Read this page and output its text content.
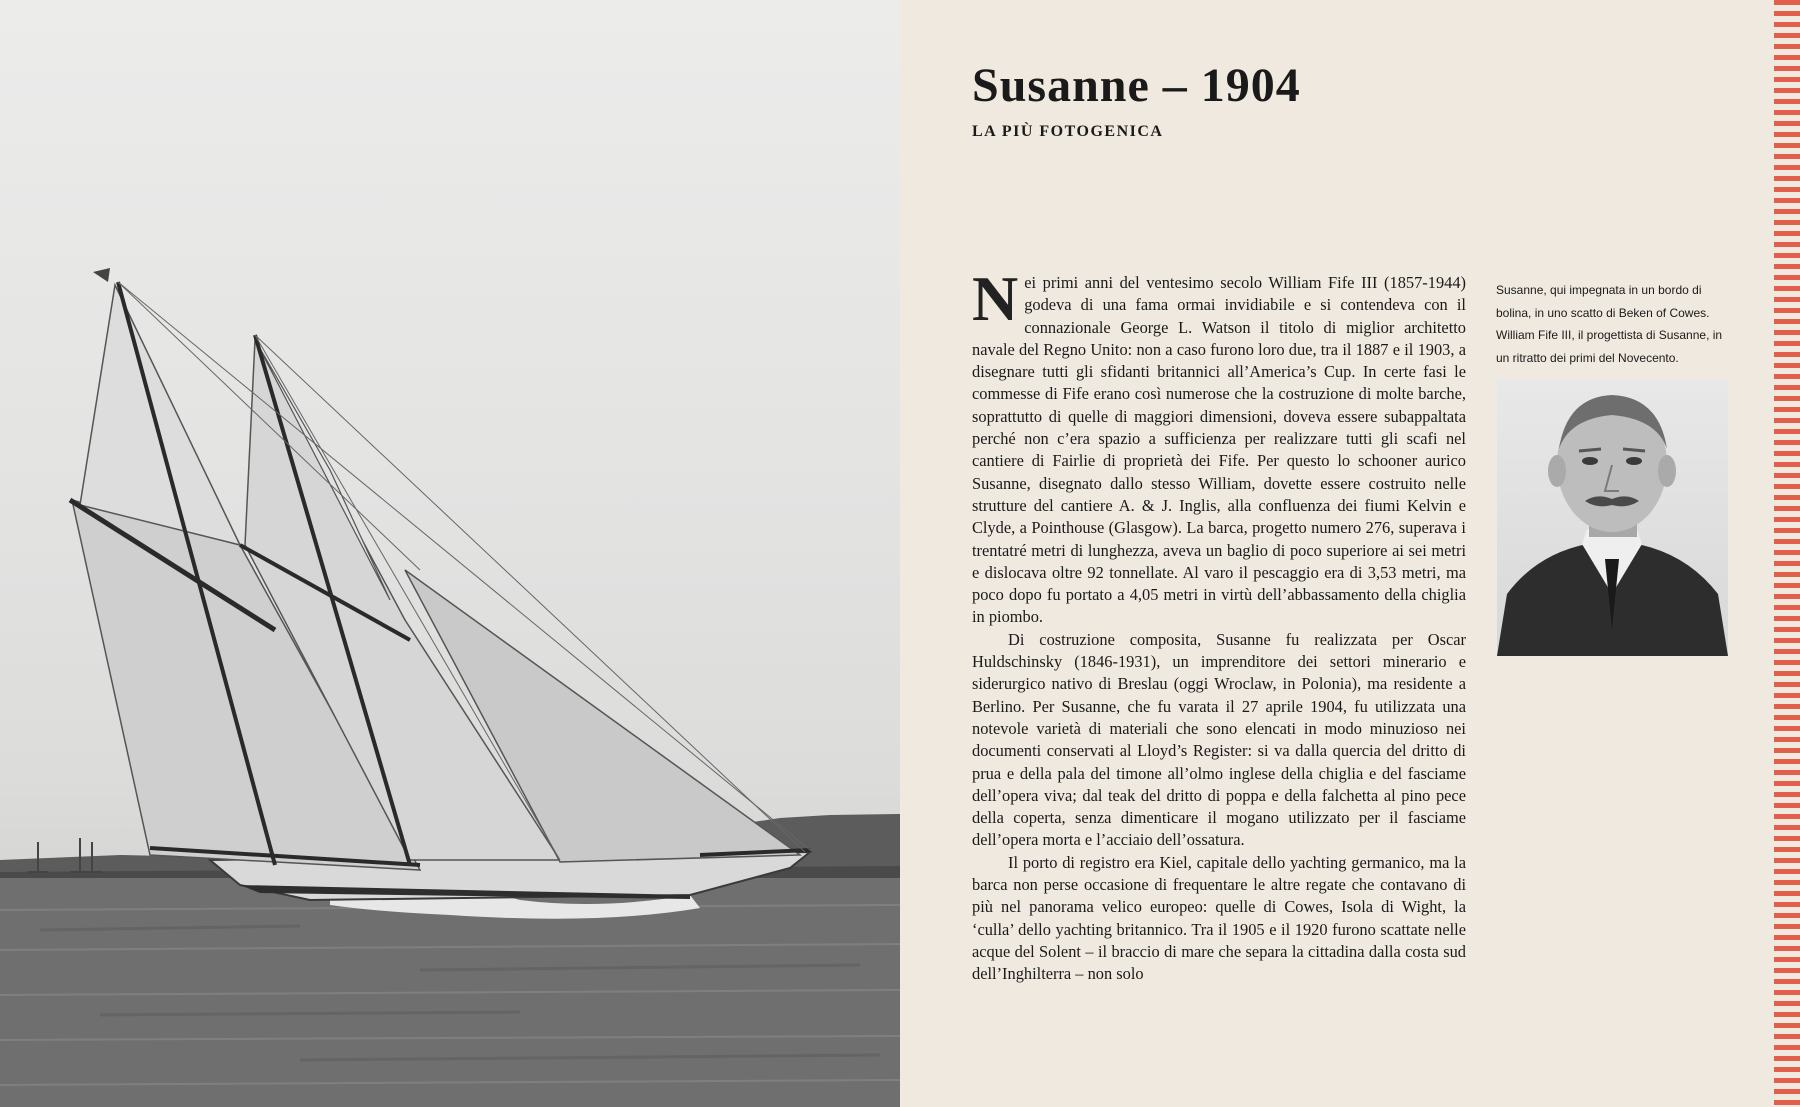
Susanne – 1904
LA PIÙ FOTOGENICA

Nei primi anni del ventesimo secolo William Fife III (1857-1944) godeva di una fama ormai invidiabile e si contendeva con il connazionale George L. Watson il titolo di miglior architetto navale del Regno Unito: non a caso furono loro due, tra il 1887 e il 1903, a disegnare tutti gli sfidanti britannici all’America’s Cup. In certe fasi le commesse di Fife erano così numerose che la costruzione di molte barche, soprattutto di quelle di maggiori dimensioni, doveva essere subappaltata perché non c’era spazio a sufficienza per realizzare tutti gli scafi nel cantiere di Fairlie di proprietà dei Fife. Per questo lo schooner aurico Susanne, disegnato dallo stesso William, dovette essere costruito nelle strutture del cantiere A. & J. Inglis, alla confluenza dei fiumi Kelvin e Clyde, a Pointhouse (Glasgow). La barca, progetto numero 276, superava i trentatré metri di lunghezza, aveva un baglio di poco superiore ai sei metri e dislocava oltre 92 tonnellate. Al varo il pescaggio era di 3,53 metri, ma poco dopo fu portato a 4,05 metri in virtù dell’abbassamento della chiglia in piombo.

Di costruzione composita, Susanne fu realizzata per Oscar Huldschinsky (1846-1931), un imprenditore dei settori minerario e siderurgico nativo di Breslau (oggi Wroclaw, in Polonia), ma residente a Berlino. Per Susanne, che fu varata il 27 aprile 1904, fu utilizzata una notevole varietà di materiali che sono elencati in modo minuzioso nei documenti conservati al Lloyd’s Register: si va dalla quercia del dritto di prua e della pala del timone all’olmo inglese della chiglia e del fasciame dell’opera viva; dal teak del dritto di poppa e della falchetta al pino pece della coperta, senza dimenticare il mogano utilizzato per il fasciame dell’opera morta e l’acciaio dell’ossatura.

Il porto di registro era Kiel, capitale dello yachting germanico, ma la barca non perse occasione di frequentare le altre regate che contavano di più nel panorama velico europeo: quelle di Cowes, Isola di Wight, la ‘culla’ dello yachting britannico. Tra il 1905 e il 1920 furono scattate nelle acque del Solent – il braccio di mare che separa la cittadina dalla costa sud dell’Inghilterra – non solo

Susanne, qui impegnata in un bordo di bolina, in uno scatto di Beken of Cowes.

William Fife III, il progettista di Susanne, in un ritratto dei primi del Novecento.
